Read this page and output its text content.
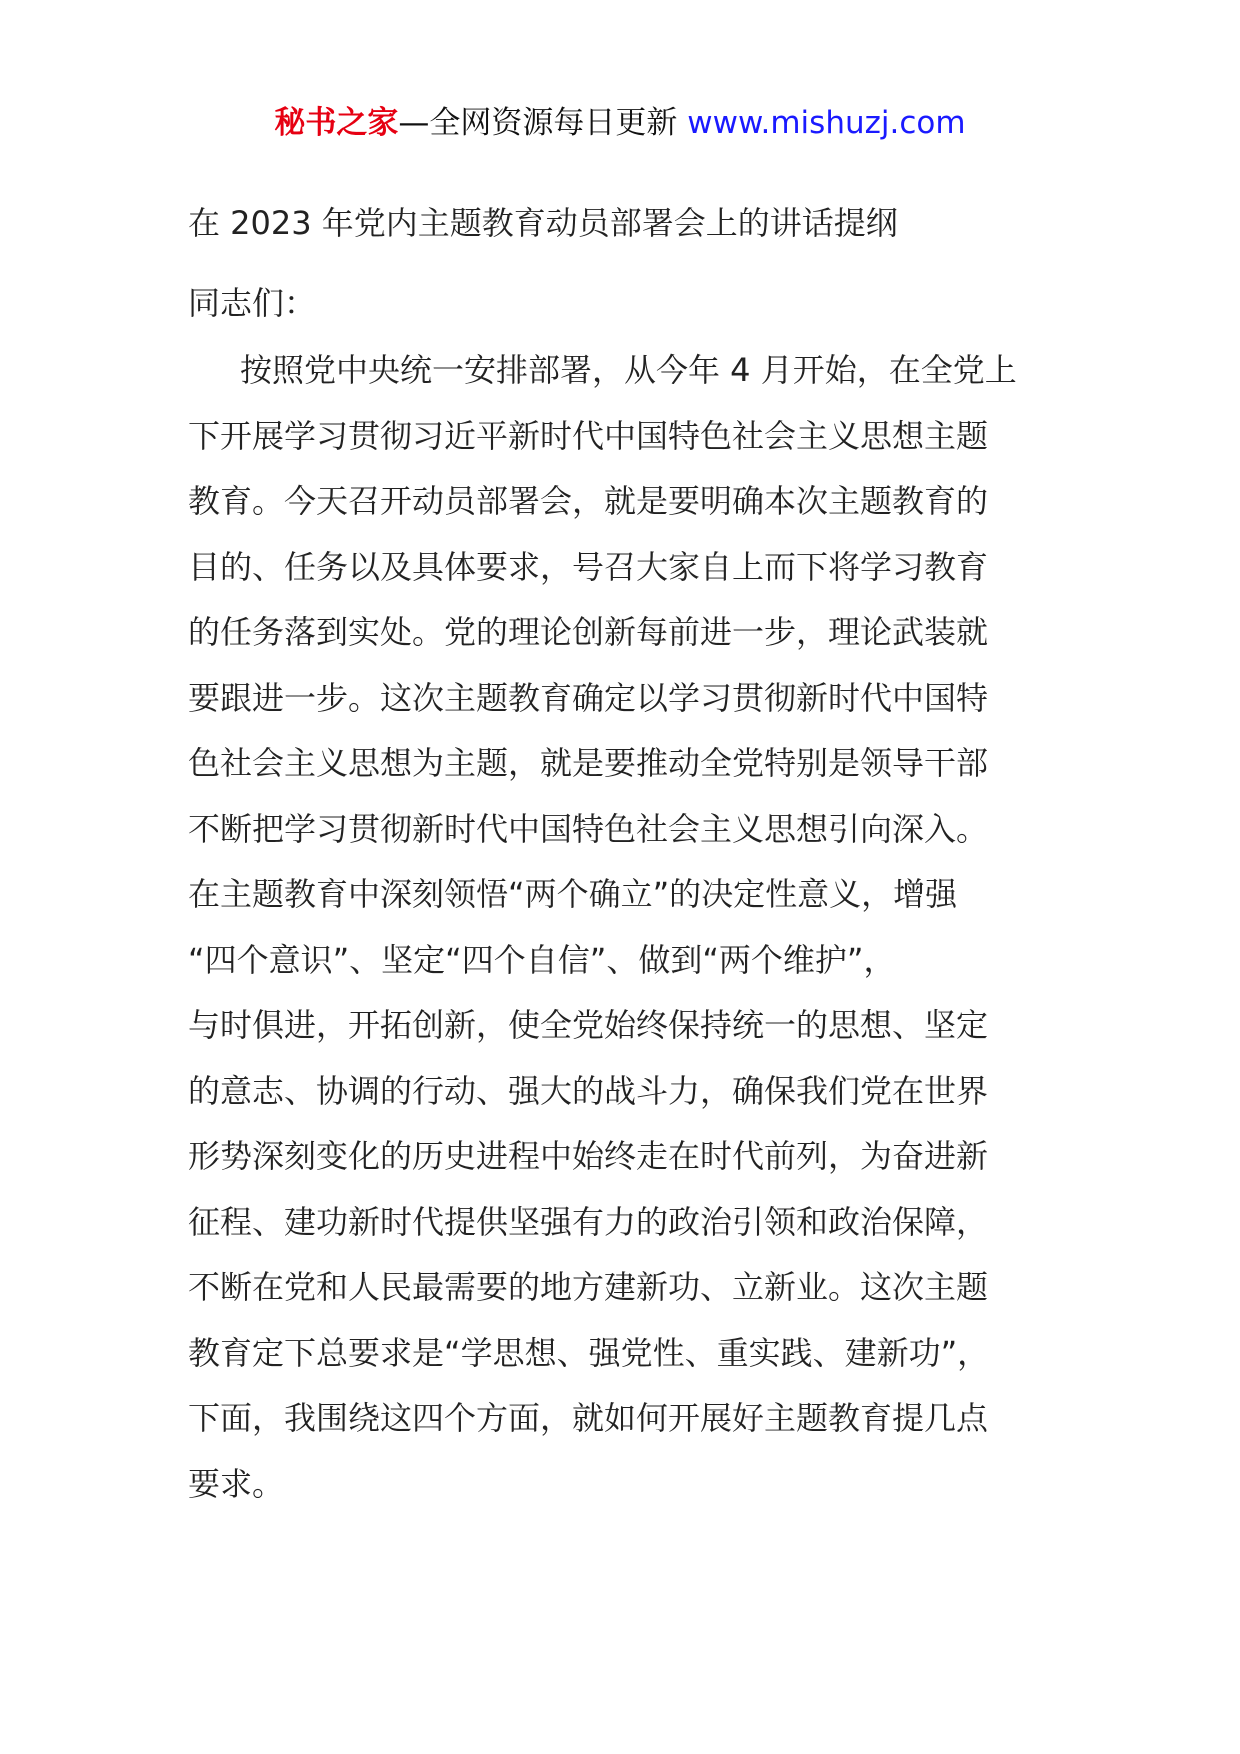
秘书之家—全网资源每日更新 www.mishuzj.com
在 2023 年党内主题教育动员部署会上的讲话提纲
同志们：
按照党中央统一安排部署，从今年 4 月开始，在全党上
下开展学习贯彻习近平新时代中国特色社会主义思想主题
教育。今天召开动员部署会，就是要明确本次主题教育的
目的、任务以及具体要求，号召大家自上而下将学习教育
的任务落到实处。党的理论创新每前进一步，理论武装就
要跟进一步。这次主题教育确定以学习贯彻新时代中国特
色社会主义思想为主题，就是要推动全党特别是领导干部
不断把学习贯彻新时代中国特色社会主义思想引向深入。
在主题教育中深刻领悟“两个确立”的决定性意义，增强
“四个意识”、坚定“四个自信”、做到“两个维护”，
与时俱进，开拓创新，使全党始终保持统一的思想、坚定
的意志、协调的行动、强大的战斗力，确保我们党在世界
形势深刻变化的历史进程中始终走在时代前列，为奋进新
征程、建功新时代提供坚强有力的政治引领和政治保障，
不断在党和人民最需要的地方建新功、立新业。这次主题
教育定下总要求是“学思想、强党性、重实践、建新功”，
下面，我围绕这四个方面，就如何开展好主题教育提几点
要求。
